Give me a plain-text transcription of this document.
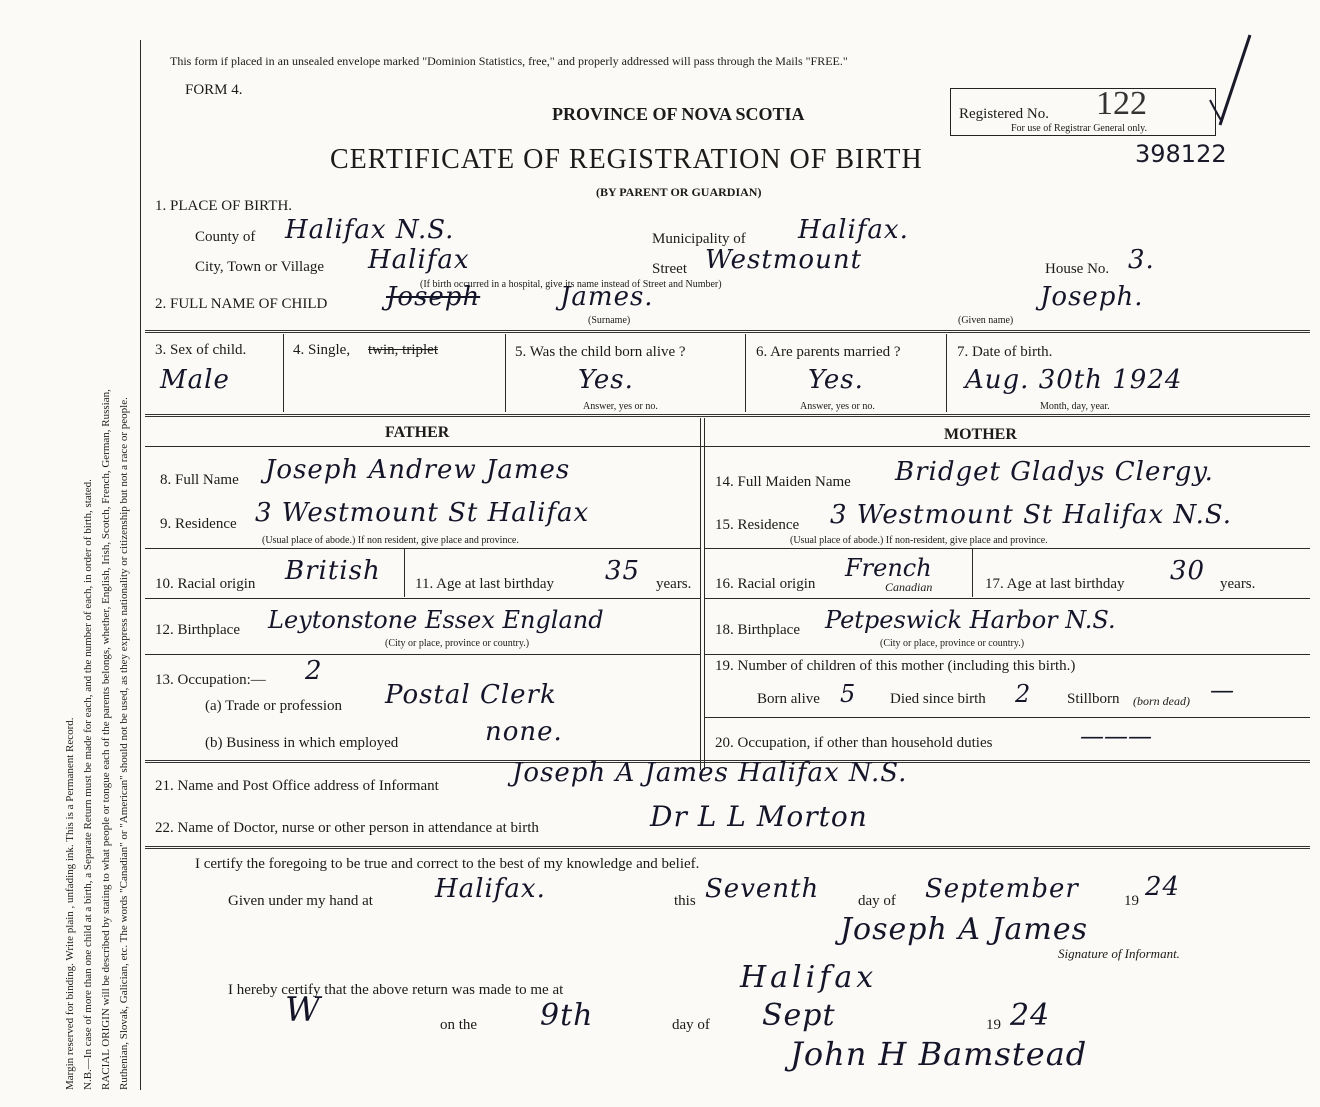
Margin reserved for binding. Write plain , unfading ink. This is a Permanent Record. N.B.—In case of more than one child at a birth, a Separate Return must be made for each, and the number of each, in order of birth, stated. RACIAL ORIGIN will be described by stating to what people or tongue each of the parents belongs, whether, English, Irish, Scotch, French, German, Russian, Ruthenian, Slovak, Galician, etc. The words "Canadian" or "American" should not be used, as they express nationality or citizenship but not a race or people.
This form if placed in an unsealed envelope marked "Dominion Statistics, free," and properly addressed will pass through the Mails "FREE."
FORM 4.
PROVINCE OF NOVA SCOTIA
CERTIFICATE OF REGISTRATION OF BIRTH
(BY PARENT OR GUARDIAN)
Registered No. 122
For use of Registrar General only.
398122
1. PLACE OF BIRTH.
County of Halifax N.S.	Municipality of Halifax.
City, Town or Village Halifax	Street Westmount	House No. 3.
(If birth occurred in a hospital, give its name instead of Street and Number)
2. FULL NAME OF CHILD Joseph	James.
(Surname)	(Given name)
Joseph.
3. Sex of child.
Male
4. Single, twin, triplet	5. Was the child born alive ?
Yes.
Answer, yes or no.
6. Are parents married ?
Yes.
Answer, yes or no.
7. Date of birth.
Aug. 30th 1924
Month, day, year.
FATHER	MOTHER
8. Full Name Joseph Andrew James
9. Residence 3 Westmount St Halifax
(Usual place of abode.) If non resident, give place and province.
10. Racial origin British 11. Age at last birthday 35 years.
12. Birthplace Leytonstone Essex England
(City or place, province or country.)
13. Occupation:— 2
(a) Trade or profession Postal Clerk
(b) Business in which employed	none.
14. Full Maiden Name Bridget Gladys Clergy.
15. Residence 3 Westmount St Halifax N.S.
(Usual place of abode.) If non-resident, give place and province.
16. Racial origin
French
Canadian	17. Age at last birthday 30 years.
18. Birthplace Petpeswick Harbor N.S.
(City or place, province or country.)
19. Number of children of this mother (including this birth.)
Born alive 5 Died since birth 2 Stillborn (born dead) —
20. Occupation, if other than household duties	———
21. Name and Post Office address of Informant	Joseph A James Halifax N.S.
22. Name of Doctor, nurse or other person in attendance at birth	Dr L L Morton
I certify the foregoing to be true and correct to the best of my knowledge and belief.
Given under my hand at Halifax.	this Seventh	day of September	19 24
Joseph A James
Signature of Informant.
I hereby certify that the above return was made to me at	Halifax
W	on the 9th	day of Sept	19 24
John H Bamstead
